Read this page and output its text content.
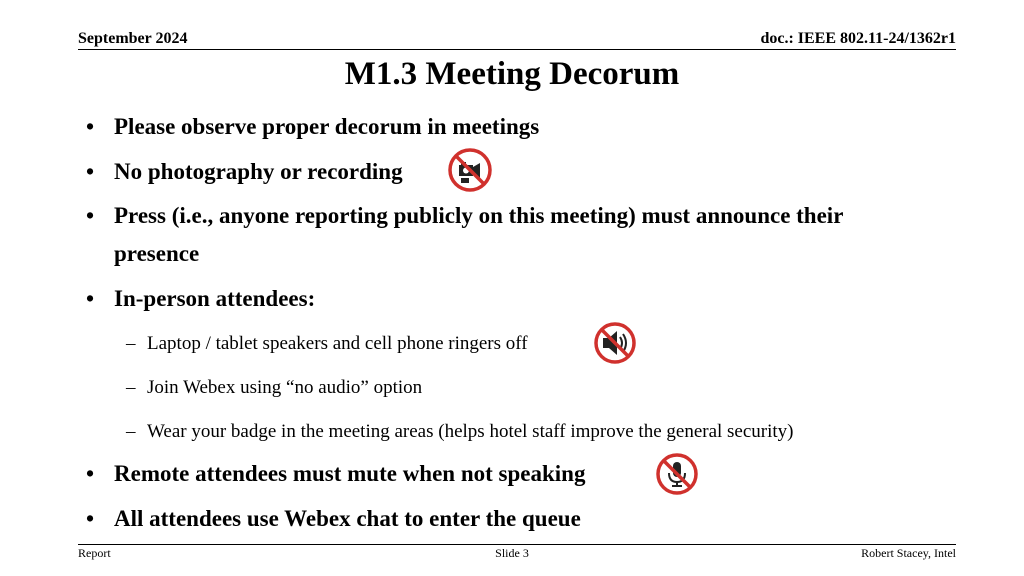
September 2024	doc.: IEEE 802.11-24/1362r1
M1.3 Meeting Decorum
• Please observe proper decorum in meetings
• No photography or recording
• Press (i.e., anyone reporting publicly on this meeting) must announce their
presence
• In-person attendees:
– Laptop / tablet speakers and cell phone ringers off
– Join Webex using “no audio” option
– Wear your badge in the meeting areas (helps hotel staff improve the general security)
• Remote attendees must mute when not speaking
• All attendees use Webex chat to enter the queue
Report	Slide 3	Robert Stacey, Intel
